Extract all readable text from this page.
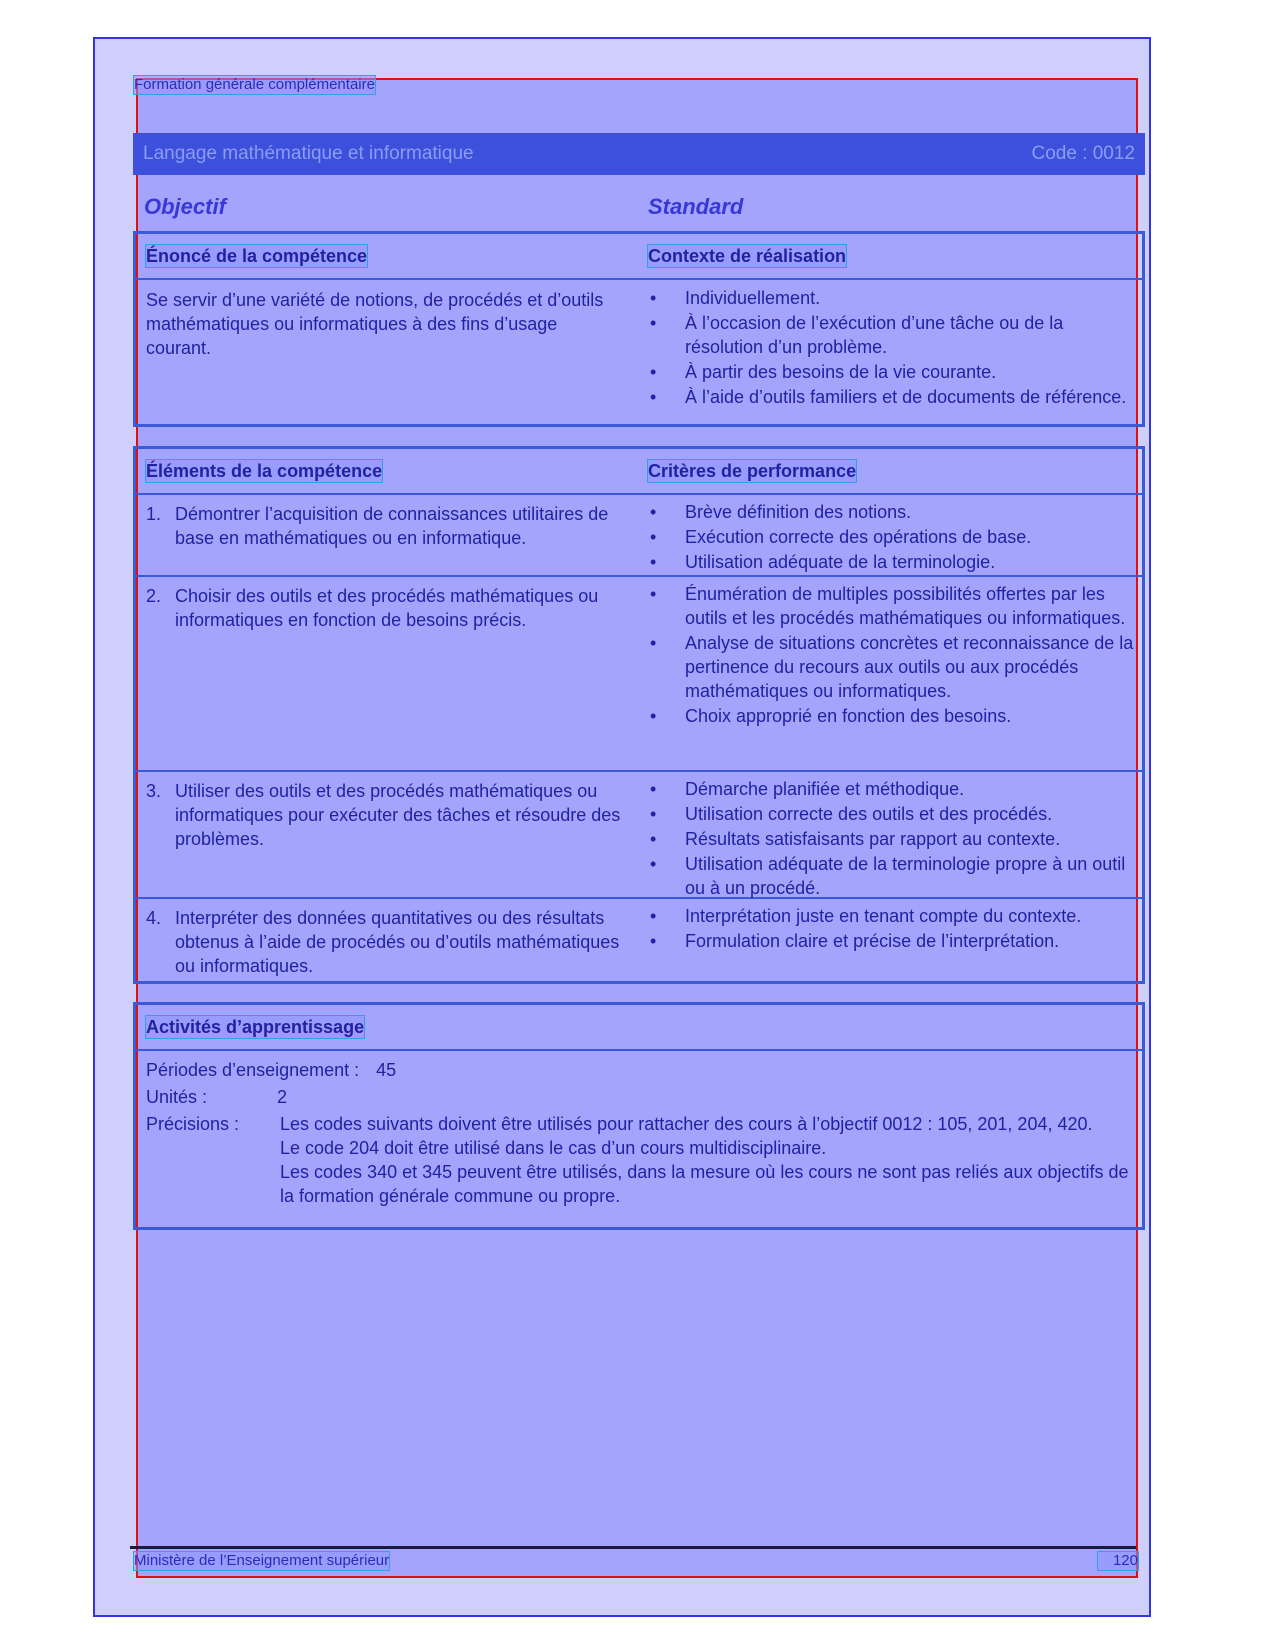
Formation générale complémentaire
Langage mathématique et informatique	Code : 0012
Objectif	Standard
Énoncé de la compétence	Contexte de réalisation
Se servir d’une variété de notions, de procédés et d’outils mathématiques ou informatiques à des fins d’usage courant.
• Individuellement.
• À l’occasion de l’exécution d’une tâche ou de la résolution d’un problème.
• À partir des besoins de la vie courante.
• À l’aide d’outils familiers et de documents de référence.
Éléments de la compétence	Critères de performance
1. Démontrer l’acquisition de connaissances utilitaires de base en mathématiques ou en informatique.
• Brève définition des notions.
• Exécution correcte des opérations de base.
• Utilisation adéquate de la terminologie.
2. Choisir des outils et des procédés mathématiques ou informatiques en fonction de besoins précis.
• Énumération de multiples possibilités offertes par les outils et les procédés mathématiques ou informatiques.
• Analyse de situations concrètes et reconnaissance de la pertinence du recours aux outils ou aux procédés mathématiques ou informatiques.
• Choix approprié en fonction des besoins.
3. Utiliser des outils et des procédés mathématiques ou informatiques pour exécuter des tâches et résoudre des problèmes.
• Démarche planifiée et méthodique.
• Utilisation correcte des outils et des procédés.
• Résultats satisfaisants par rapport au contexte.
• Utilisation adéquate de la terminologie propre à un outil ou à un procédé.
4. Interpréter des données quantitatives ou des résultats obtenus à l’aide de procédés ou d’outils mathématiques ou informatiques.
• Interprétation juste en tenant compte du contexte.
• Formulation claire et précise de l’interprétation.
Activités d’apprentissage
Périodes d’enseignement : 45
Unités :	2
Précisions : Les codes suivants doivent être utilisés pour rattacher des cours à l’objectif 0012 : 105, 201, 204, 420.
Le code 204 doit être utilisé dans le cas d’un cours multidisciplinaire.
Les codes 340 et 345 peuvent être utilisés, dans la mesure où les cours ne sont pas reliés aux objectifs de la formation générale commune ou propre.
Ministère de l’Enseignement supérieur	120
